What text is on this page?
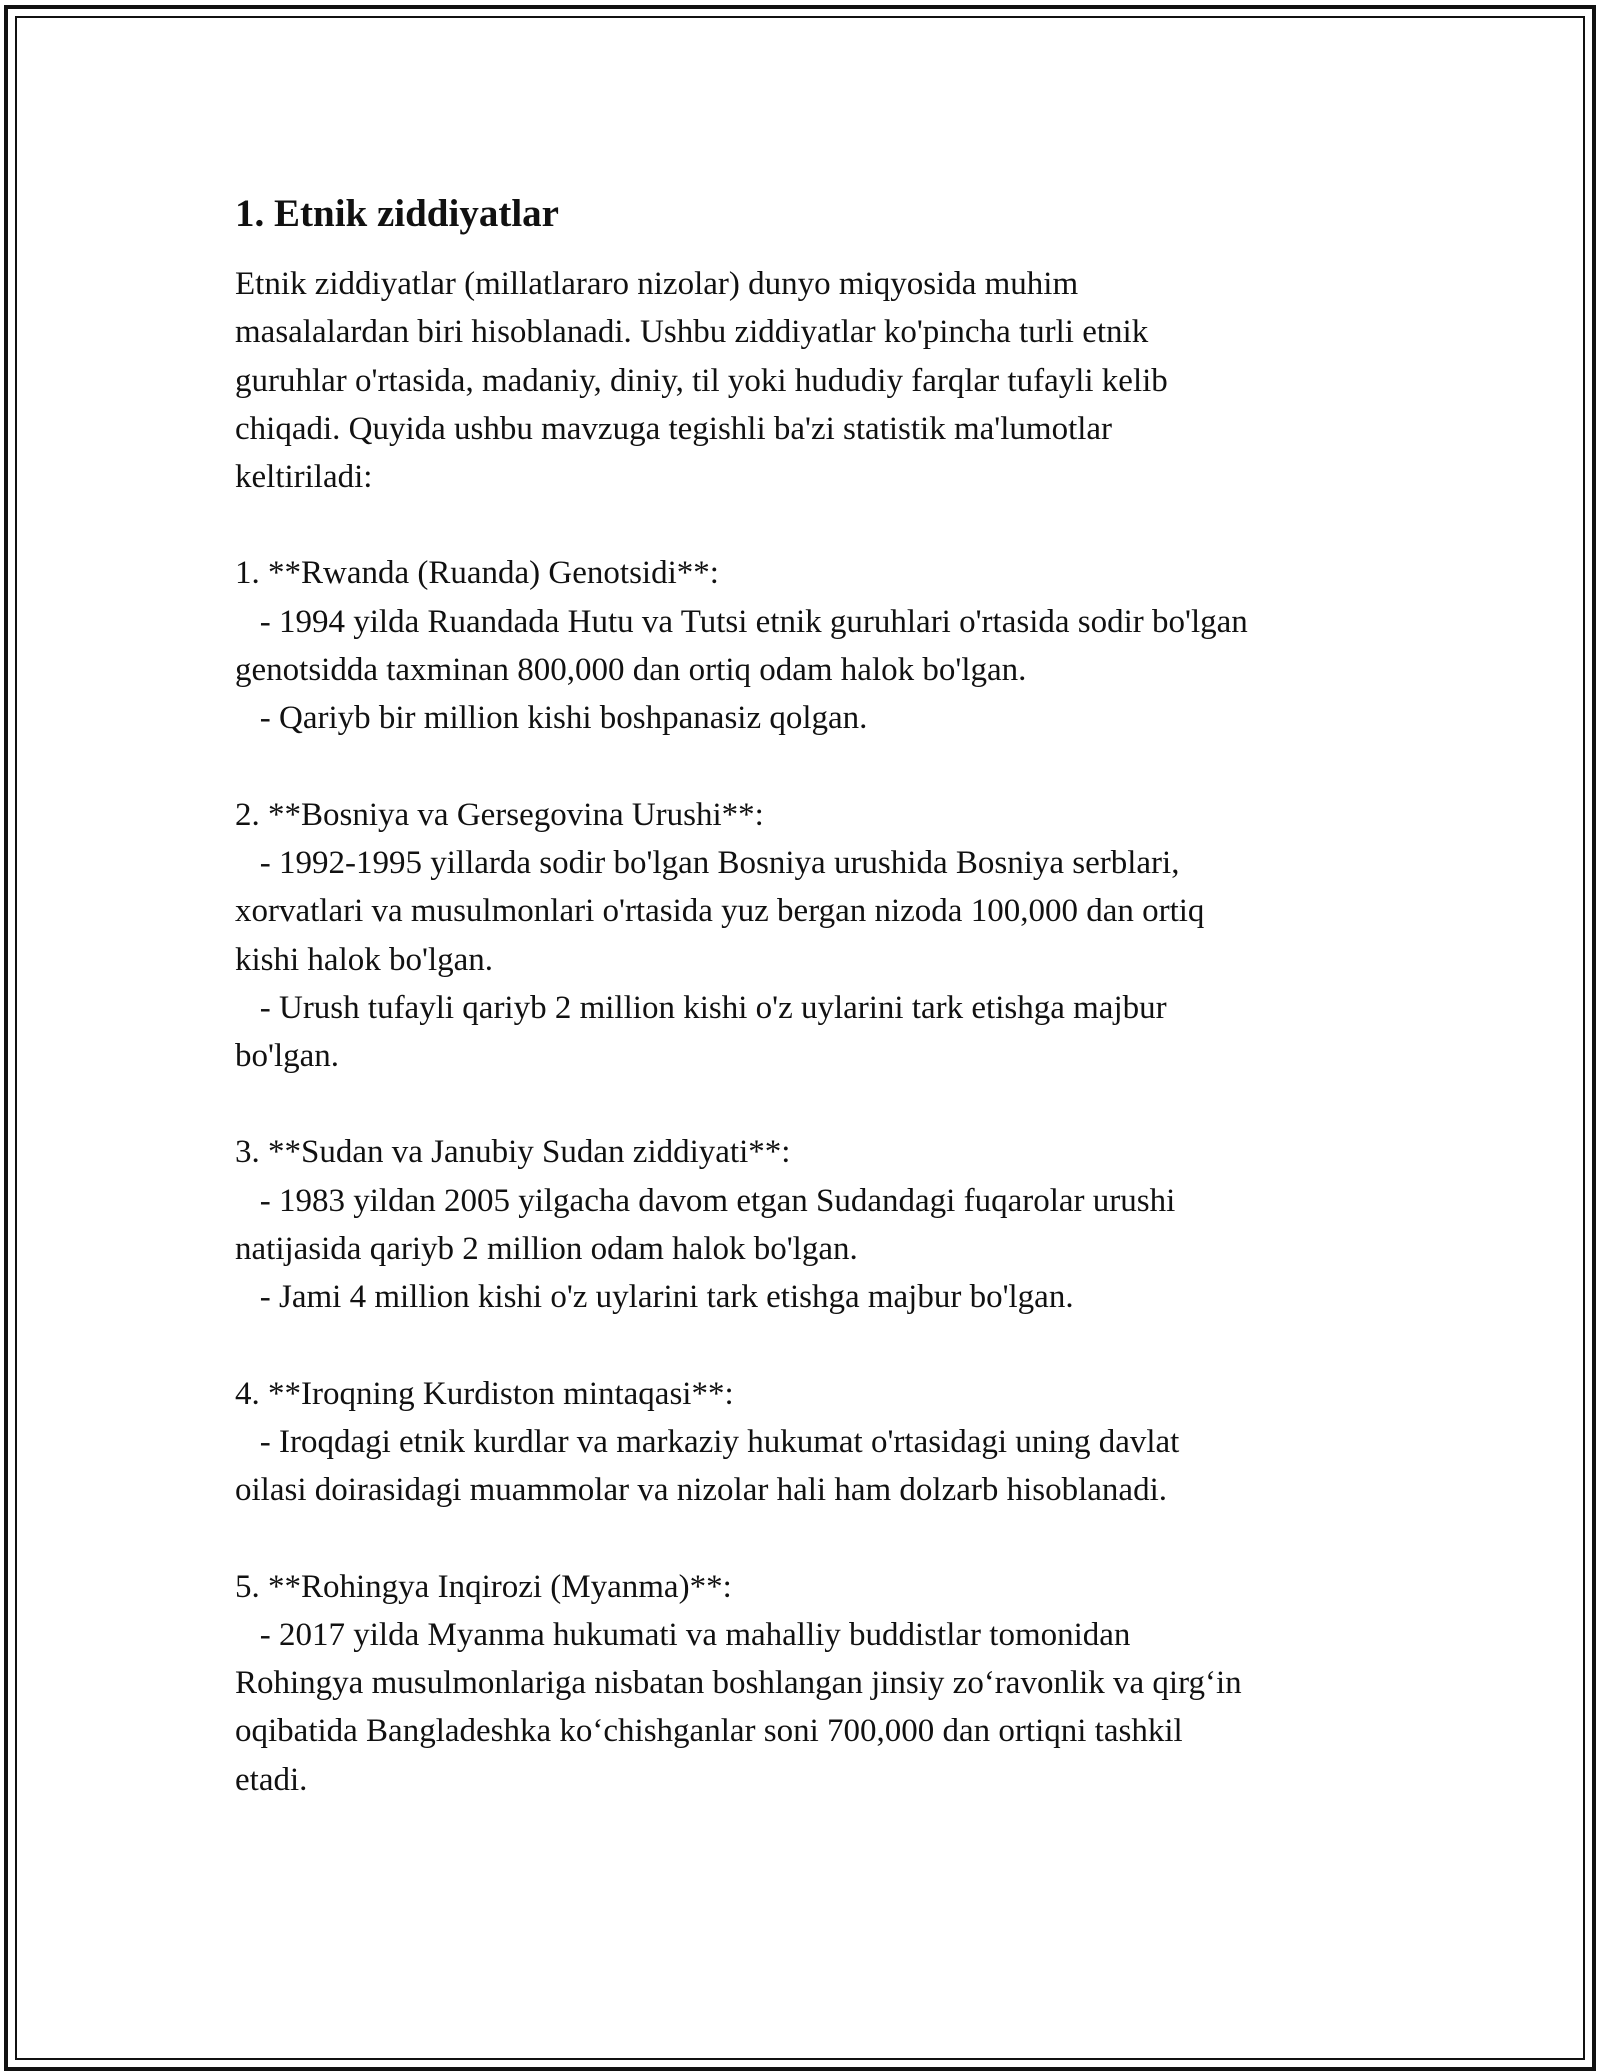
1. Etnik ziddiyatlar

Etnik ziddiyatlar (millatlararo nizolar) dunyo miqyosida muhim
masalalardan biri hisoblanadi. Ushbu ziddiyatlar ko'pincha turli etnik
guruhlar o'rtasida, madaniy, diniy, til yoki hududiy farqlar tufayli kelib
chiqadi. Quyida ushbu mavzuga tegishli ba'zi statistik ma'lumotlar
keltiriladi:

1. **Rwanda (Ruanda) Genotsidi**:

- 1994 yilda Ruandada Hutu va Tutsi etnik guruhlari o'rtasida sodir bo'lgan
genotsidda taxminan 800,000 dan ortiq odam halok bo'lgan.

- Qariyb bir million kishi boshpanasiz qolgan.

2. **Bosniya va Gersegovina Urushi**:

- 1992-1995 yillarda sodir bo'lgan Bosniya urushida Bosniya serblari,
xorvatlari va musulmonlari o'rtasida yuz bergan nizoda 100,000 dan ortiq
kishi halok bo'lgan.

- Urush tufayli qariyb 2 million kishi o'z uylarini tark etishga majbur
bo'lgan.

3. **Sudan va Janubiy Sudan ziddiyati**:

- 1983 yildan 2005 yilgacha davom etgan Sudandagi fuqarolar urushi
natijasida qariyb 2 million odam halok bo'lgan.

- Jami 4 million kishi o'z uylarini tark etishga majbur bo'lgan.

4. **Iroqning Kurdiston mintaqasi**:

- Iroqdagi etnik kurdlar va markaziy hukumat o'rtasidagi uning davlat
oilasi doirasidagi muammolar va nizolar hali ham dolzarb hisoblanadi.

5. **Rohingya Inqirozi (Myanma)**:

- 2017 yilda Myanma hukumati va mahalliy buddistlar tomonidan
Rohingya musulmonlariga nisbatan boshlangan jinsiy zoʻravonlik va qirgʻin
oqibatida Bangladeshka koʻchishganlar soni 700,000 dan ortiqni tashkil
etadi.
